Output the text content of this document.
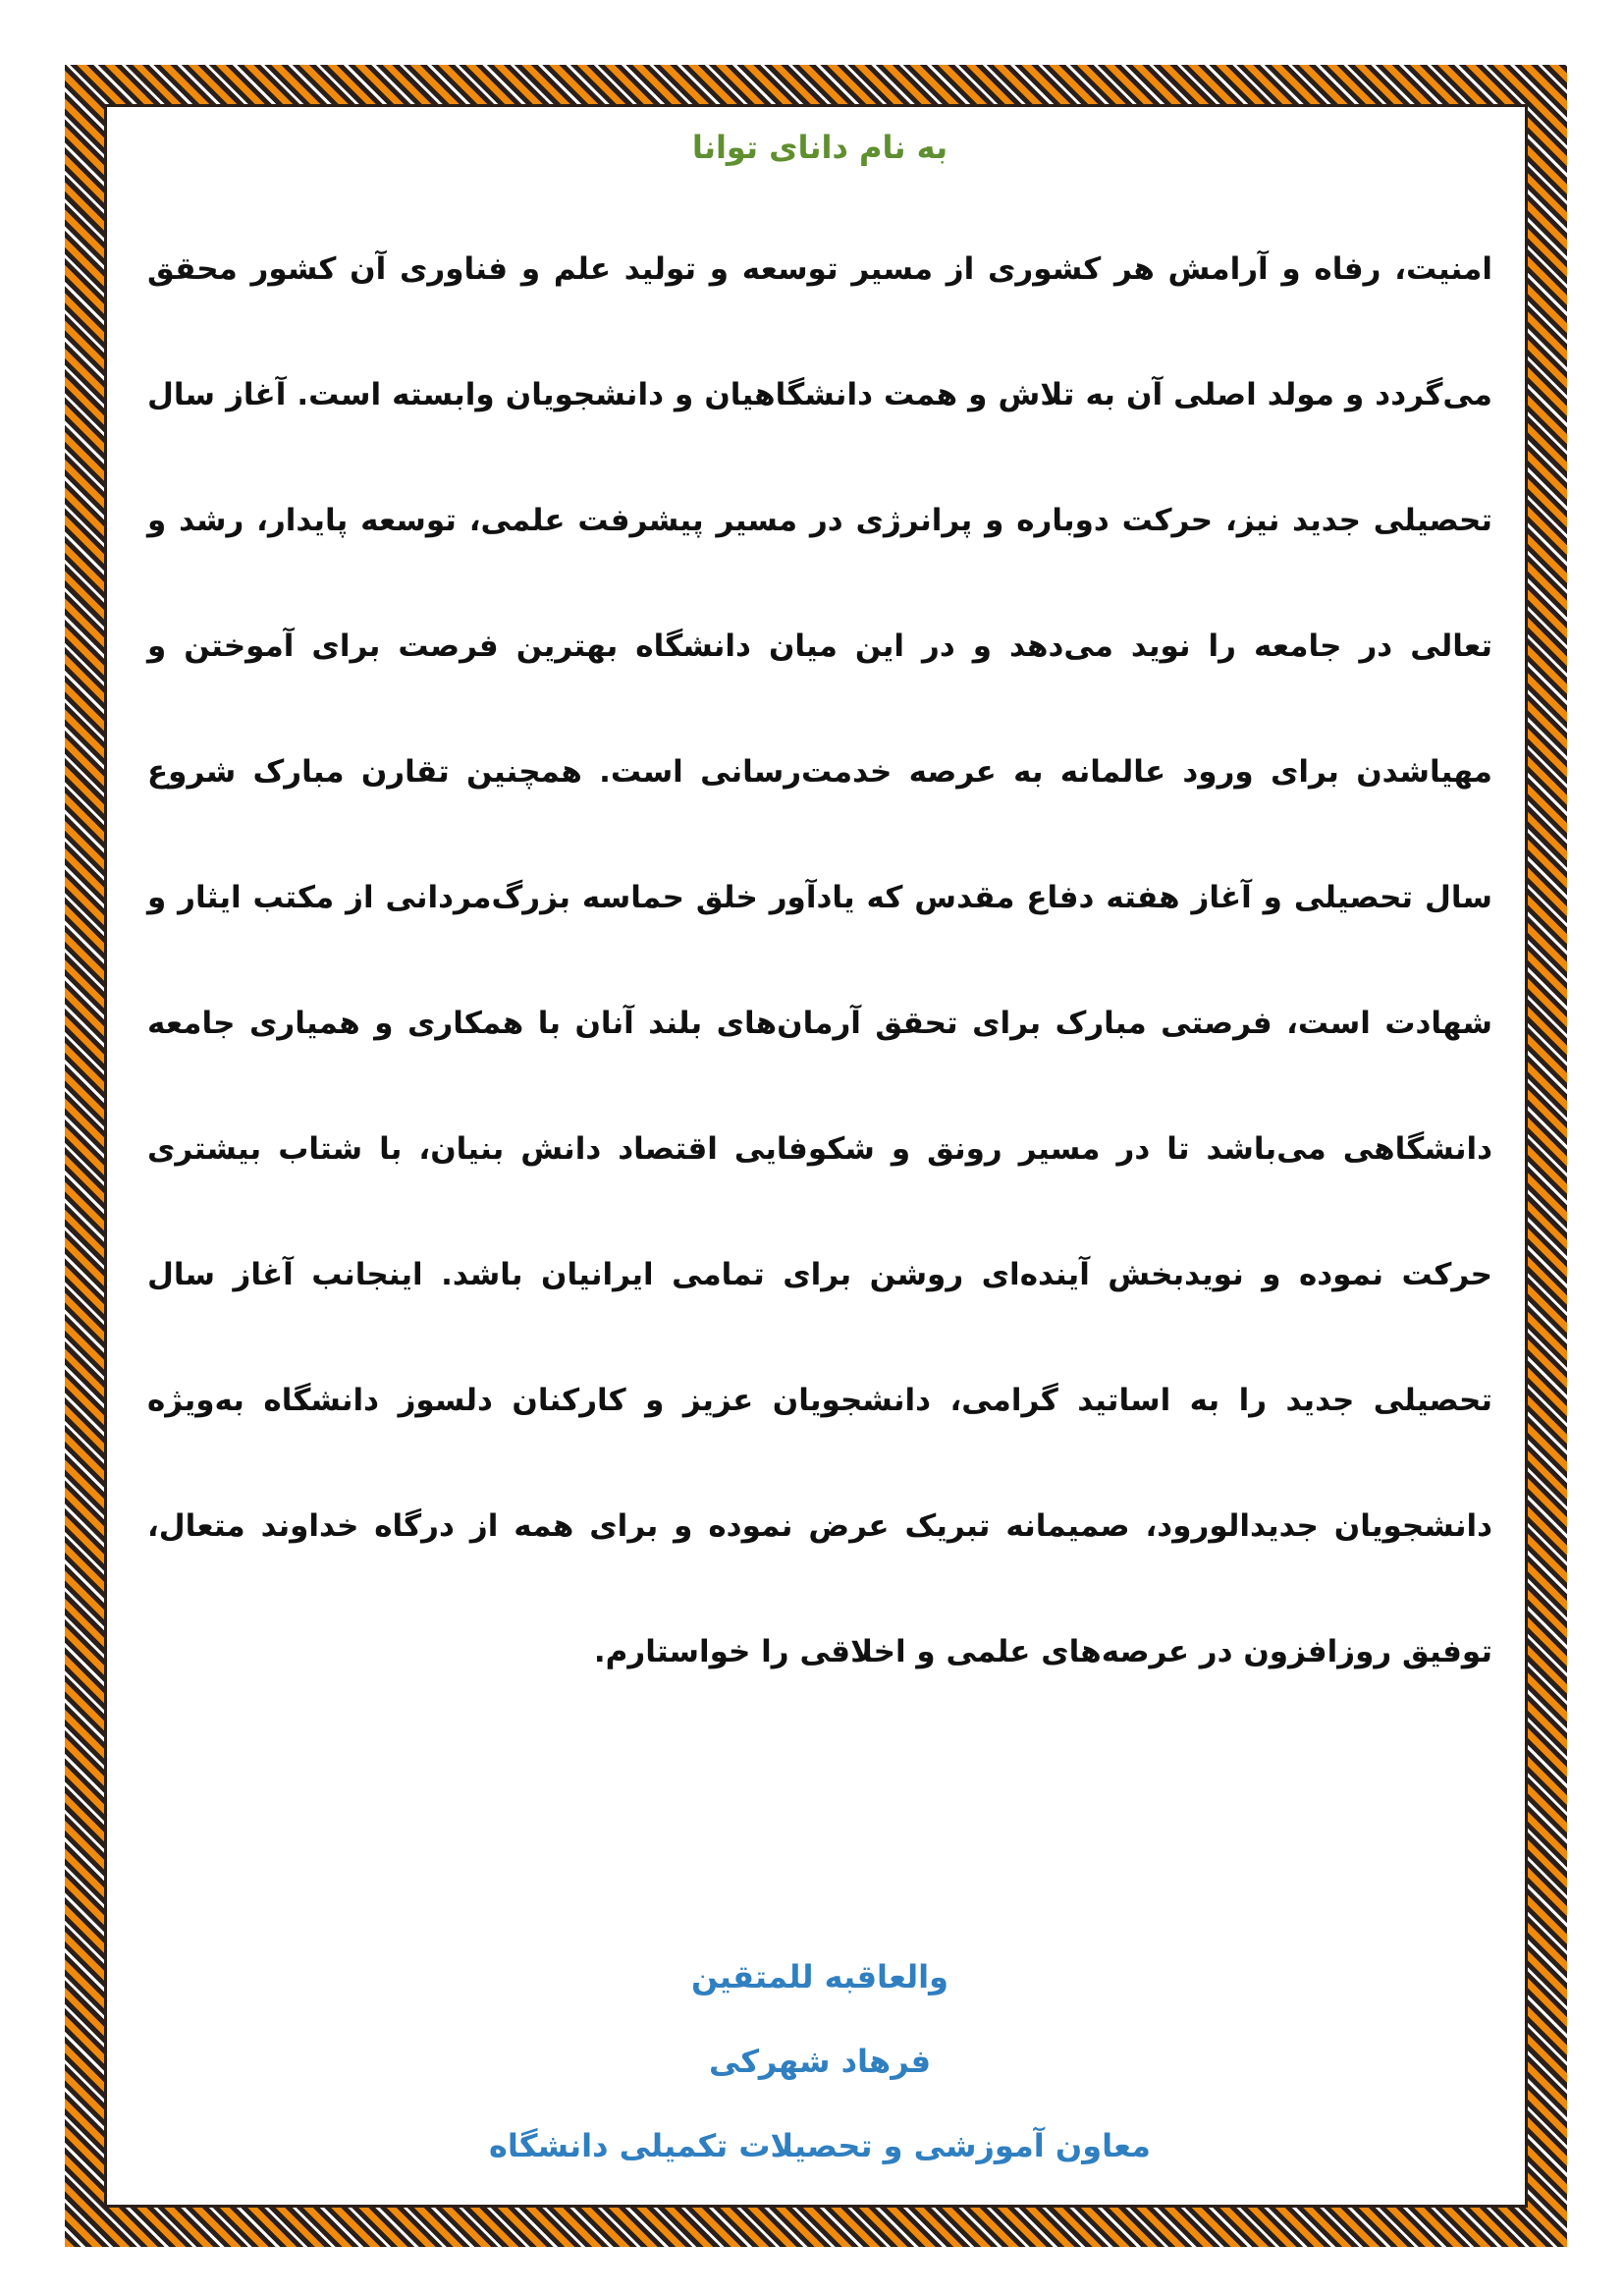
به نام دانای توانا

امنیت، رفاه و آرامش هر کشوری از مسیر توسعه و تولید علم و فناوری آن کشور محقق می‌گردد و مولد اصلی آن به تلاش و همت دانشگاهیان و دانشجویان وابسته است. آغاز سال تحصیلی جدید نیز، حرکت دوباره و پرانرژی در مسیر پیشرفت علمی، توسعه پایدار، رشد و تعالی در جامعه را نوید می‌دهد و در این میان دانشگاه بهترین فرصت برای آموختن و مهیاشدن برای ورود عالمانه به عرصه خدمت‌رسانی است. همچنین تقارن مبارک شروع سال تحصیلی و آغاز هفته دفاع مقدس که یادآور خلق حماسه بزرگ‌مردانی از مکتب ایثار و شهادت است، فرصتی مبارک برای تحقق آرمان‌های بلند آنان با همکاری و همیاری جامعه دانشگاهی می‌باشد تا در مسیر رونق و شکوفایی اقتصاد دانش بنیان، با شتاب بیشتری حرکت نموده و نویدبخش آینده‌ای روشن برای تمامی ایرانیان باشد. اینجانب آغاز سال تحصیلی جدید را به اساتید گرامی، دانشجویان عزیز و کارکنان دلسوز دانشگاه به‌ویژه دانشجویان جدیدالورود، صمیمانه تبریک عرض نموده و برای همه از درگاه خداوند متعال، توفیق روزافزون در عرصه‌های علمی و اخلاقی را خواستارم.

والعاقبه للمتقین
فرهاد شهرکی
معاون آموزشی و تحصیلات تکمیلی دانشگاه
